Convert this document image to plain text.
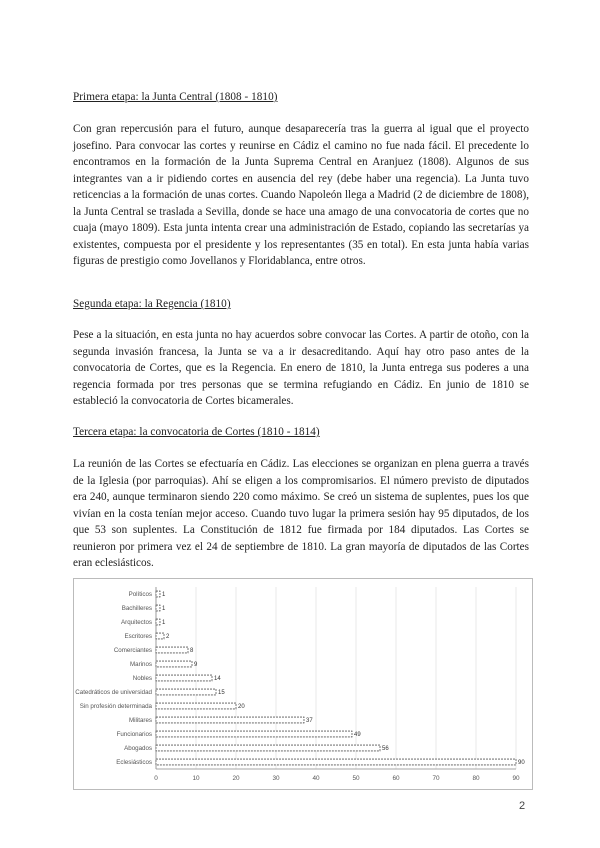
Primera etapa: la Junta Central (1808 - 1810)

Con gran repercusión para el futuro, aunque desaparecería tras la guerra al igual que el proyecto josefino. Para convocar las cortes y reunirse en Cádiz el camino no fue nada fácil. El precedente lo encontramos en la formación de la Junta Suprema Central en Aranjuez (1808). Algunos de sus integrantes van a ir pidiendo cortes en ausencia del rey (debe haber una regencia). La Junta tuvo reticencias a la formación de unas cortes. Cuando Napoleón llega a Madrid (2 de diciembre de 1808), la Junta Central se traslada a Sevilla, donde se hace una amago de una convocatoria de cortes que no cuaja (mayo 1809). Esta junta intenta crear una administración de Estado, copiando las secretarías ya existentes, compuesta por el presidente y los representantes (35 en total). En esta junta había varias figuras de prestigio como Jovellanos y Floridablanca, entre otros.

Segunda etapa: la Regencia (1810)

Pese a la situación, en esta junta no hay acuerdos sobre convocar las Cortes. A partir de otoño, con la segunda invasión francesa, la Junta se va a ir desacreditando. Aquí hay otro paso antes de la convocatoria de Cortes, que es la Regencia. En enero de 1810, la Junta entrega sus poderes a una regencia formada por tres personas que se termina refugiando en Cádiz. En junio de 1810 se estableció la convocatoria de Cortes bicamerales.

Tercera etapa: la convocatoria de Cortes (1810 - 1814)

La reunión de las Cortes se efectuaría en Cádiz. Las elecciones se organizan en plena guerra a través de la Iglesia (por parroquias). Ahí se eligen a los compromisarios. El número previsto de diputados era 240, aunque terminaron siendo 220 como máximo. Se creó un sistema de suplentes, pues los que vivían en la costa tenían mejor acceso. Cuando tuvo lugar la primera sesión hay 95 diputados, de los que 53 son suplentes. La Constitución de 1812 fue firmada por 184 diputados. Las Cortes se reunieron por primera vez el 24 de septiembre de 1810. La gran mayoría de diputados de las Cortes eran eclesiásticos.

0	10	20	30	40	50	60	70	80	90
Políticos 1
Bachilleres 1
Arquitectos 1
Escritores 2
Comerciantes	8
Marinos	9
Nobles	14
Catedráticos de universidad	15
Sin profesión determinada	20
Militares	37
Funcionarios	49
Abogados	56
Eclesiásticos	90
2
